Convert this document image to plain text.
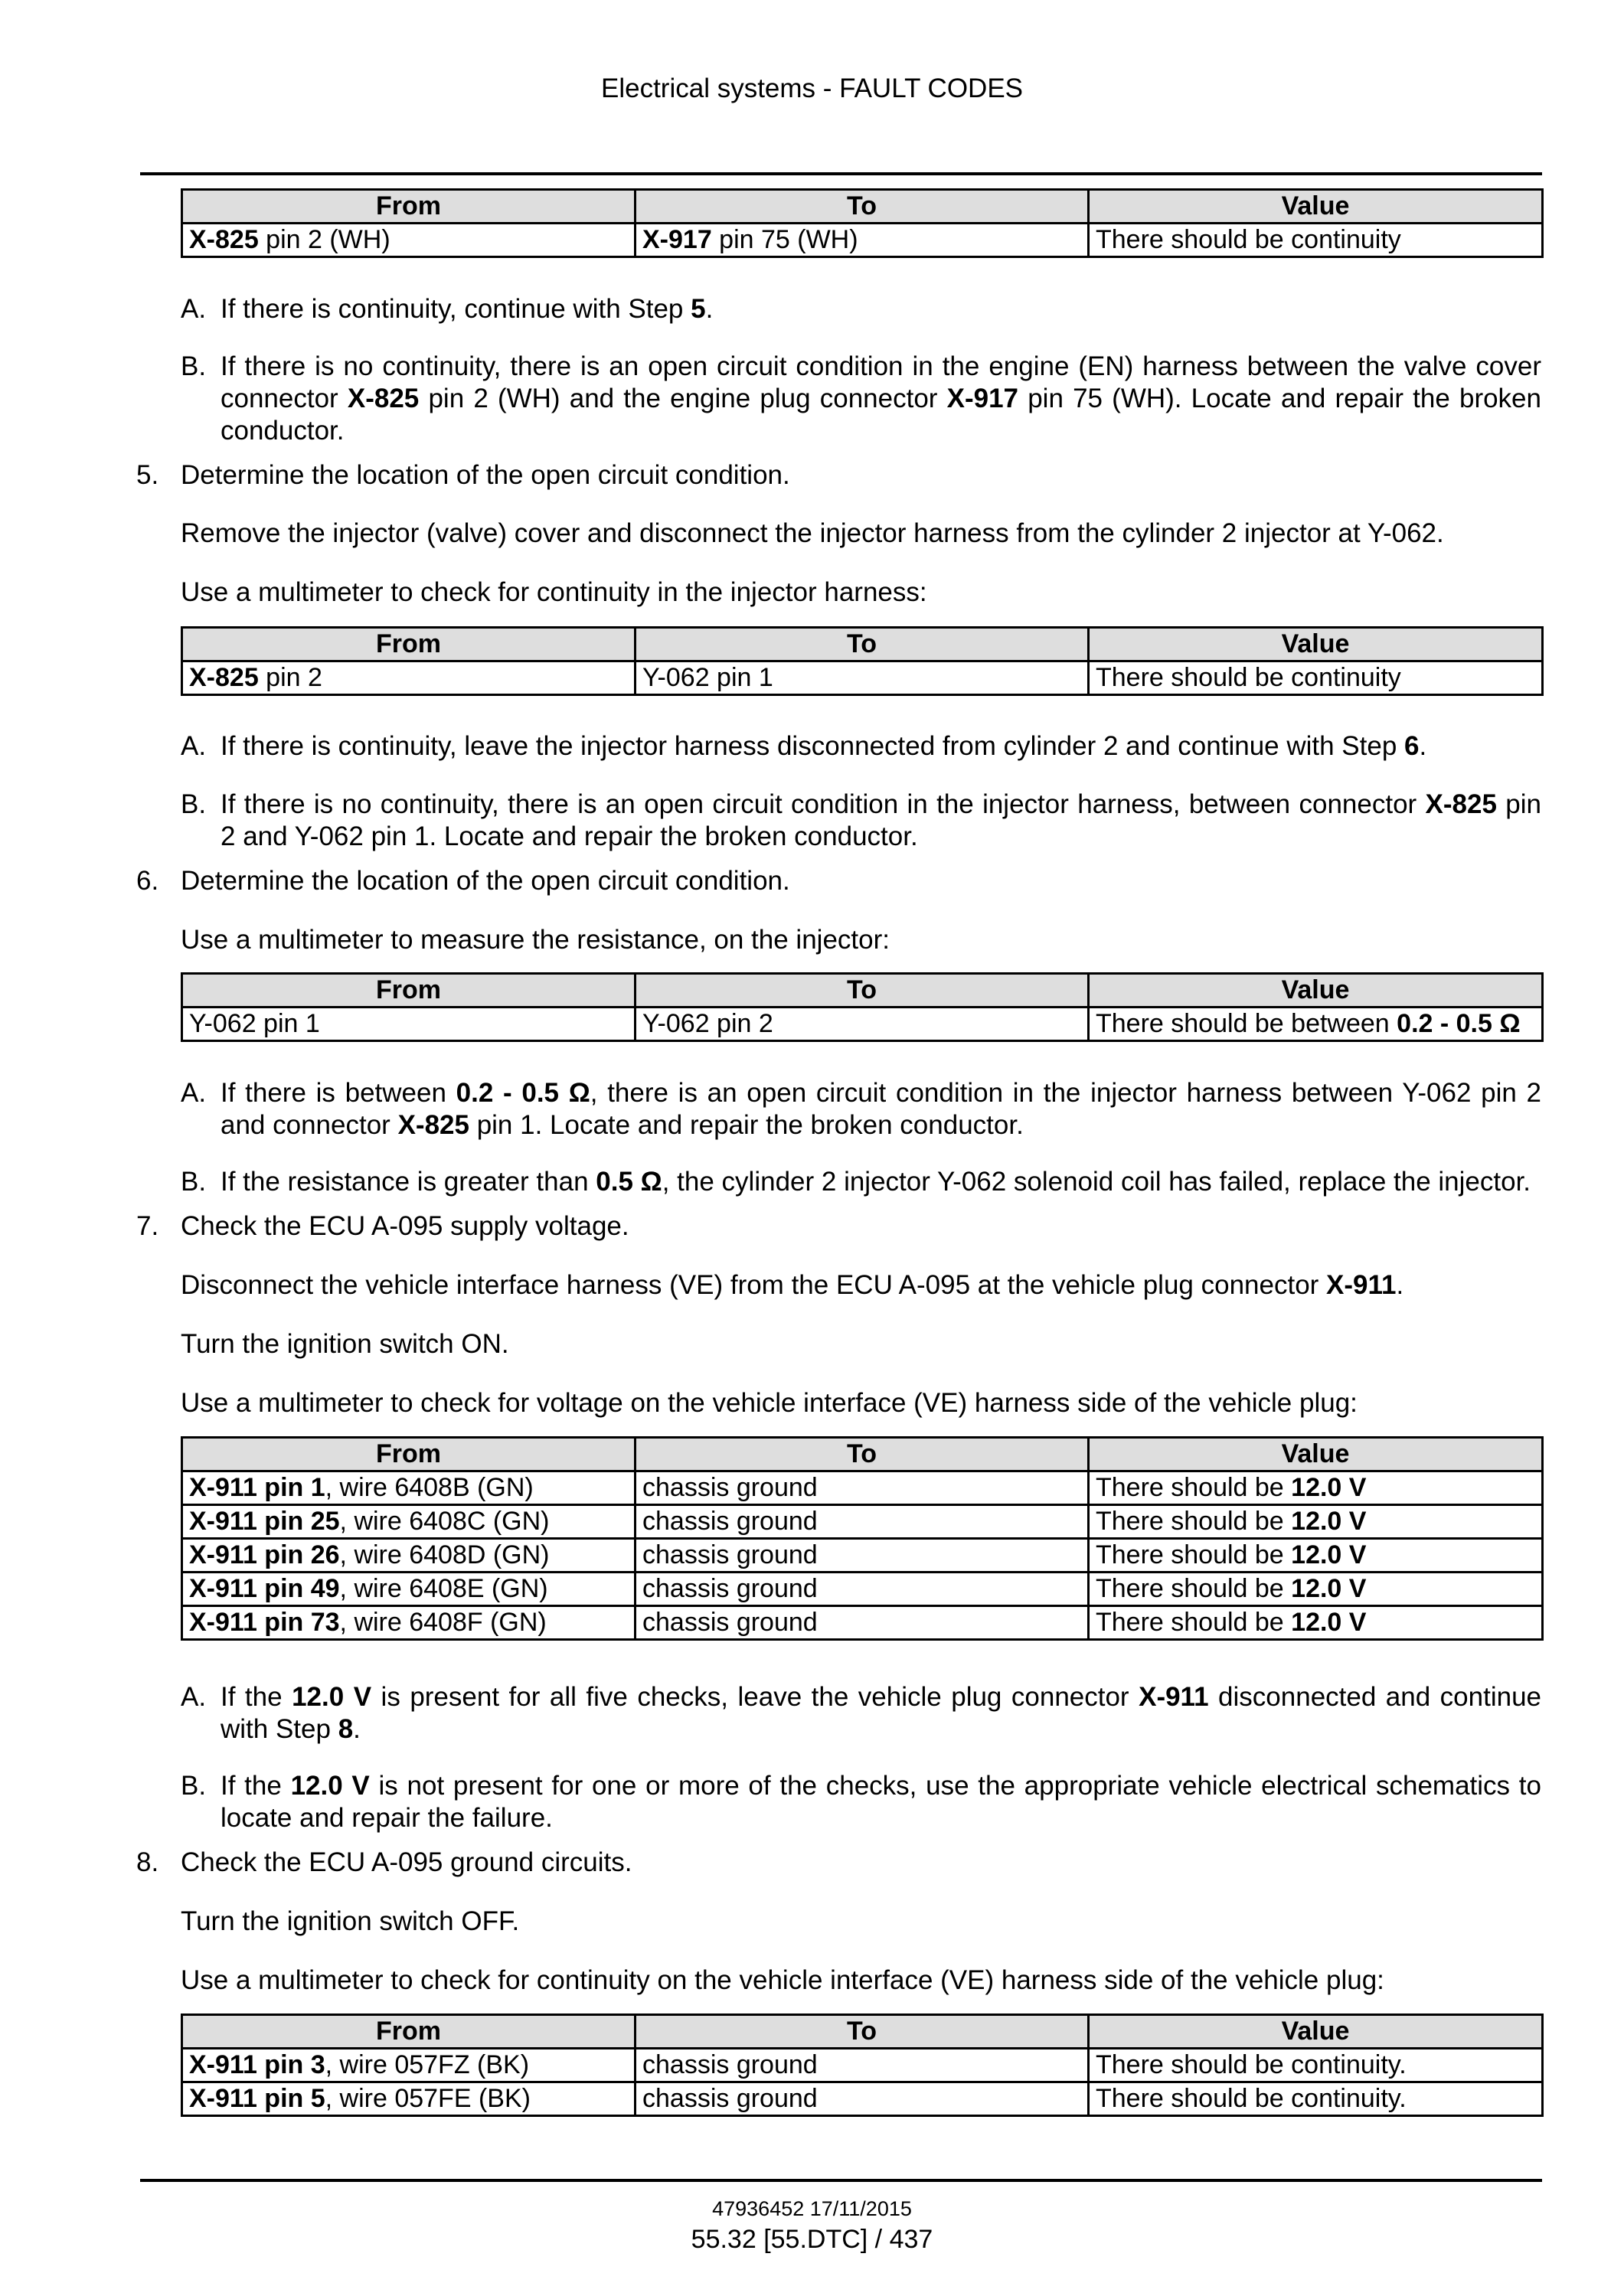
Electrical systems - FAULT CODES
From	To	Value
X-825 pin 2 (WH)	X-917 pin 75 (WH)	There should be continuity
A. If there is continuity, continue with Step 5.
B. If there is no continuity, there is an open circuit condition in the engine (EN) harness between the valve cover connector X-825 pin 2 (WH) and the engine plug connector X-917 pin 75 (WH). Locate and repair the broken conductor.
5. Determine the location of the open circuit condition.
Remove the injector (valve) cover and disconnect the injector harness from the cylinder 2 injector at Y-062.
Use a multimeter to check for continuity in the injector harness:
From	To	Value
X-825 pin 2	Y-062 pin 1	There should be continuity
A. If there is continuity, leave the injector harness disconnected from cylinder 2 and continue with Step 6.
B. If there is no continuity, there is an open circuit condition in the injector harness, between connector X-825 pin 2 and Y-062 pin 1. Locate and repair the broken conductor.
6. Determine the location of the open circuit condition.
Use a multimeter to measure the resistance, on the injector:
From	To	Value
Y-062 pin 1	Y-062 pin 2	There should be between 0.2 - 0.5 Ω
A. If there is between 0.2 - 0.5 Ω, there is an open circuit condition in the injector harness between Y-062 pin 2 and connector X-825 pin 1. Locate and repair the broken conductor.
B. If the resistance is greater than 0.5 Ω, the cylinder 2 injector Y-062 solenoid coil has failed, replace the injector.
7. Check the ECU A-095 supply voltage.
Disconnect the vehicle interface harness (VE) from the ECU A-095 at the vehicle plug connector X-911.
Turn the ignition switch ON.
Use a multimeter to check for voltage on the vehicle interface (VE) harness side of the vehicle plug:
From	To	Value
X-911 pin 1, wire 6408B (GN)	chassis ground	There should be 12.0 V
X-911 pin 25, wire 6408C (GN)	chassis ground	There should be 12.0 V
X-911 pin 26, wire 6408D (GN)	chassis ground	There should be 12.0 V
X-911 pin 49, wire 6408E (GN)	chassis ground	There should be 12.0 V
X-911 pin 73, wire 6408F (GN)	chassis ground	There should be 12.0 V
A. If the 12.0 V is present for all five checks, leave the vehicle plug connector X-911 disconnected and continue with Step 8.
B. If the 12.0 V is not present for one or more of the checks, use the appropriate vehicle electrical schematics to locate and repair the failure.
8. Check the ECU A-095 ground circuits.
Turn the ignition switch OFF.
Use a multimeter to check for continuity on the vehicle interface (VE) harness side of the vehicle plug:
From	To	Value
X-911 pin 3, wire 057FZ (BK)	chassis ground	There should be continuity.
X-911 pin 5, wire 057FE (BK)	chassis ground	There should be continuity.
47936452 17/11/2015
55.32 [55.DTC] / 437
